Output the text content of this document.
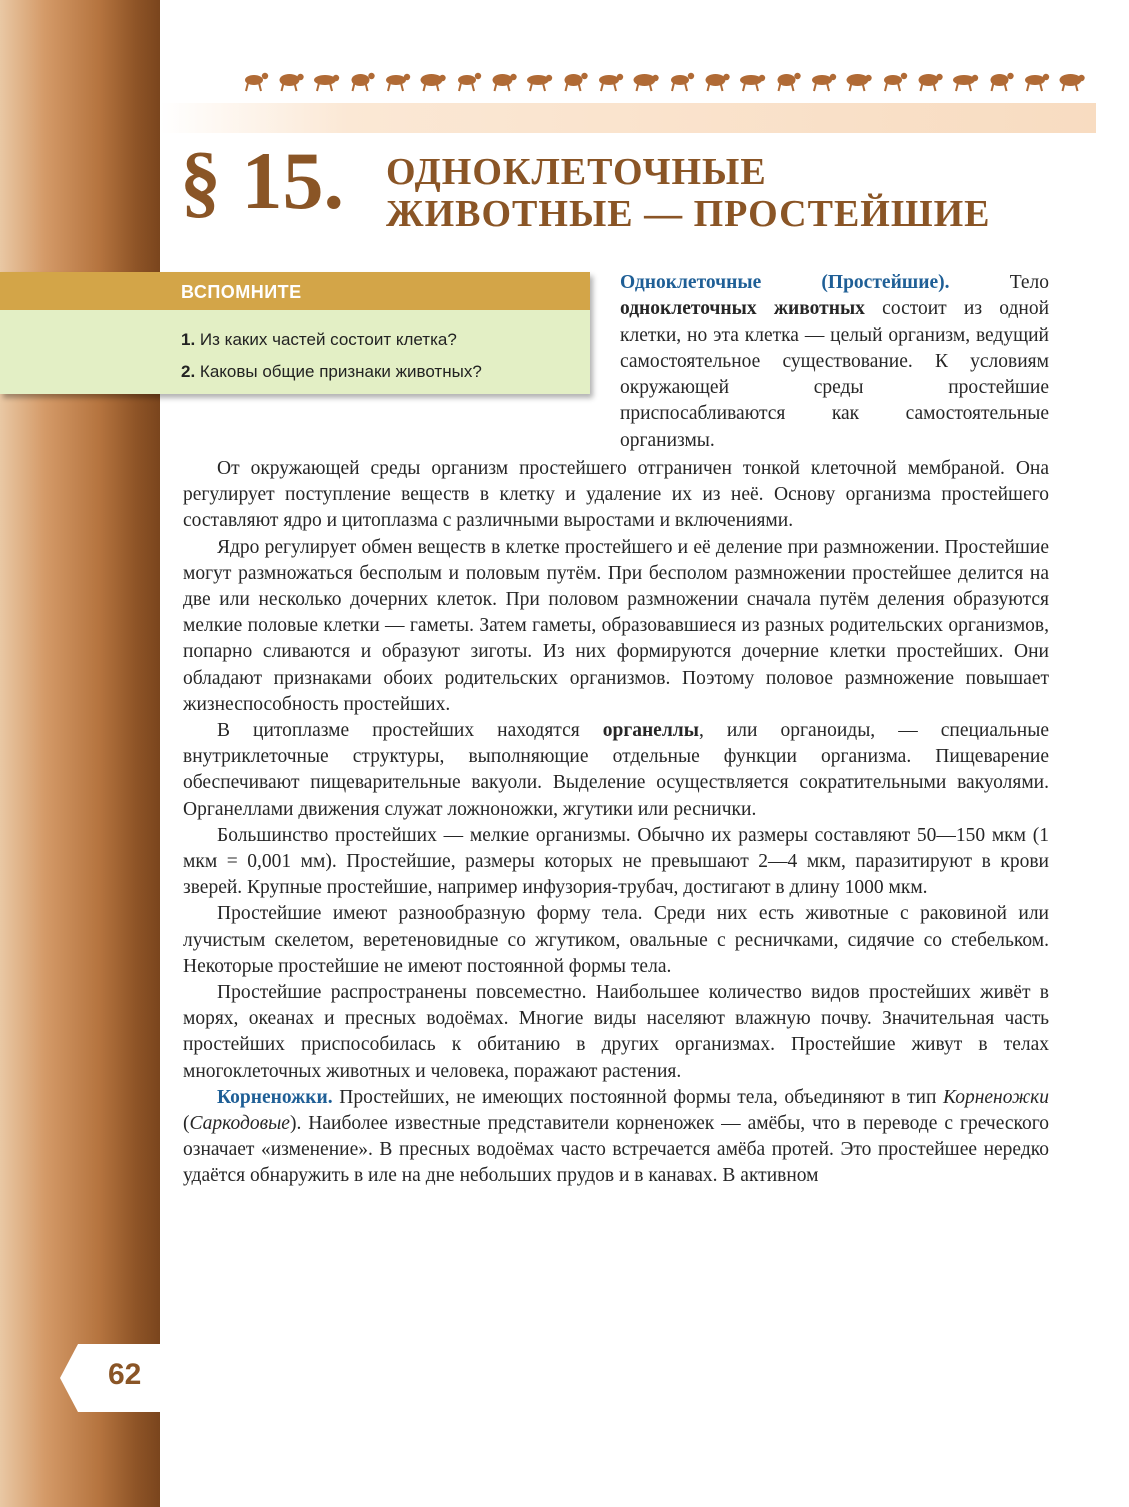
§ 15. ОДНОКЛЕТОЧНЫЕ
ЖИВОТНЫЕ — ПРОСТЕЙШИЕ
ВСПОМНИТЕ
1. Из каких частей состоит клетка?
2. Каковы общие признаки животных?
Одноклеточные (Простейшие).	Тело одноклеточных животных состоит из одной клетки, но эта клетка — целый организм, ведущий самостоятельное существование. К условиям окружающей среды простейшие приспосабливаются как самостоятельные организмы.

От окружающей среды организм простейшего отграничен тонкой клеточной мембраной. Она регулирует поступление веществ в клетку и удаление их из неё. Основу организма простейшего составляют ядро и цитоплазма с различными выростами и включениями.

Ядро регулирует обмен веществ в клетке простейшего и её деление при размножении. Простейшие могут размножаться бесполым и половым путём. При бесполом размножении простейшее делится на две или несколько дочерних клеток. При половом размножении сначала путём деления образуются мелкие половые клетки — гаметы. Затем гаметы, образовавшиеся из разных родительских организмов, попарно сливаются и образуют зиготы. Из них формируются дочерние клетки простейших. Они обладают признаками обоих родительских организмов. Поэтому половое размножение повышает жизнеспособность простейших.

В цитоплазме простейших находятся органеллы, или органоиды, — специальные внутриклеточные структуры, выполняющие отдельные функции организма. Пищеварение обеспечивают пищеварительные вакуоли. Выделение осуществляется сократительными вакуолями. Органеллами движения служат ложноножки, жгутики или реснички.

Большинство простейших — мелкие организмы. Обычно их размеры составляют 50—150 мкм (1 мкм = 0,001 мм). Простейшие, размеры которых не превышают 2—4 мкм, паразитируют в крови зверей. Крупные простейшие, например инфузория-трубач, достигают в длину 1000 мкм.

Простейшие имеют разнообразную форму тела. Среди них есть животные с раковиной или лучистым скелетом, веретеновидные со жгутиком, овальные с ресничками, сидячие со стебельком. Некоторые простейшие не имеют постоянной формы тела.

Простейшие распространены повсеместно. Наибольшее количество видов простейших живёт в морях, океанах и пресных водоёмах. Многие виды населяют влажную почву. Значительная часть простейших приспособилась к обитанию в других организмах. Простейшие живут в телах многоклеточных животных и человека, поражают растения.

Корненожки. Простейших, не имеющих постоянной формы тела, объединяют в тип Корненожки (Саркодовые). Наиболее известные представители корненожек — амёбы, что в переводе с греческого означает «изменение». В пресных водоёмах часто встречается амёба протей. Это простейшее нередко удаётся обнаружить в иле на дне небольших прудов и в канавах. В активном

62
